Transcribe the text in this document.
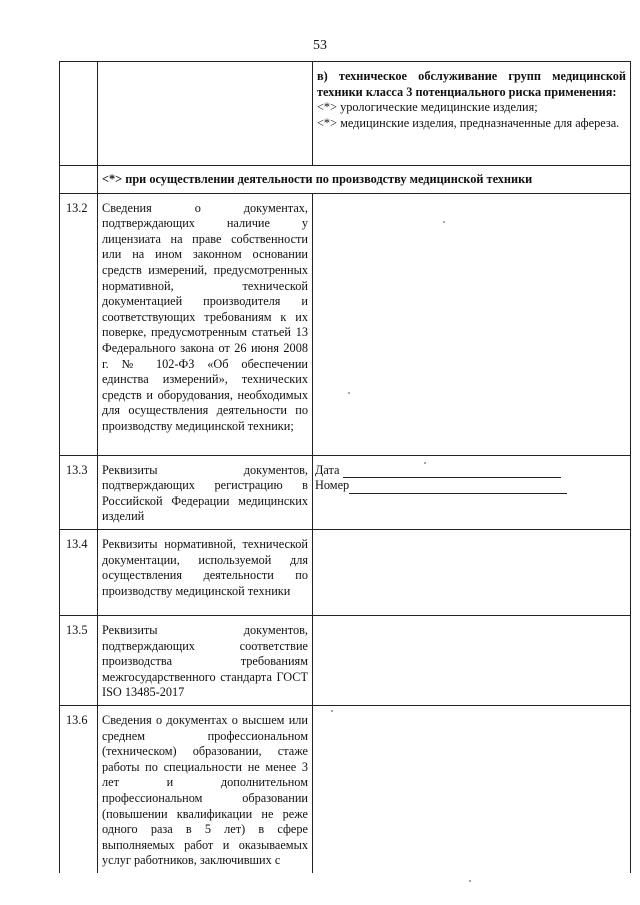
53

		в) техническое обслуживание групп медицинской техники класса 3 потенциального риска применения:
<*> урологические медицинские изделия;
<*> медицинские изделия, предназначенные для афереза.

	<*> при осуществлении деятельности по производству медицинской техники	
13.2	Сведения о документах, подтверждающих наличие у лицензиата на праве собственности или на ином законном основании средств измерений, предусмотренных нормативной, технической документацией производителя и соответствующих требованиям к их поверке, предусмотренным статьей 13 Федерального закона от 26 июня 2008 г. № 102-ФЗ «Об обеспечении единства измерений», технических средств и оборудования, необходимых для осуществления деятельности по производству медицинской техники;	
13.3	Реквизиты документов, подтверждающих регистрацию в Российской Федерации медицинских изделий	Дата
Номер

13.4	Реквизиты нормативной, технической документации, используемой для осуществления деятельности по производству медицинской техники	
13.5	Реквизиты документов, подтверждающих соответствие производства требованиям межгосударственного стандарта ГОСТ ISO 13485-2017	
13.6	Сведения о документах о высшем или среднем профессиональном (техническом) образовании, стаже работы по специальности не менее 3 лет и дополнительном профессиональном образовании (повышении квалификации не реже одного раза в 5 лет) в сфере выполняемых работ и оказываемых услуг работников, заключивших с	
